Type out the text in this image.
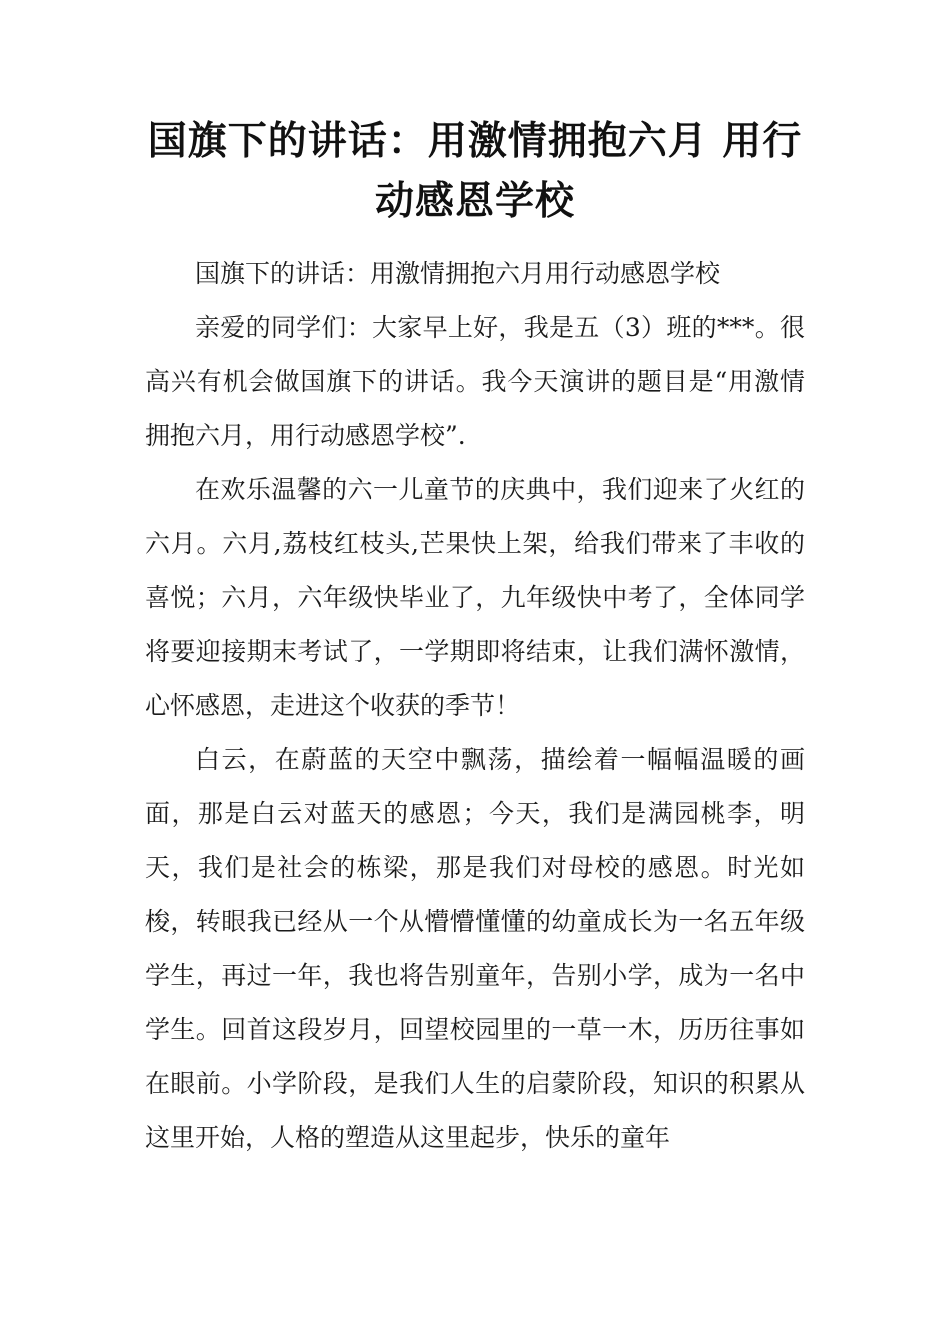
国旗下的讲话：用激情拥抱六月 用行动感恩学校

国旗下的讲话：用激情拥抱六月用行动感恩学校

亲爱的同学们：大家早上好，我是五（3）班的***。很高兴有机会做国旗下的讲话。我今天演讲的题目是“用激情拥抱六月，用行动感恩学校”.

在欢乐温馨的六一儿童节的庆典中，我们迎来了火红的六月。六月,荔枝红枝头,芒果快上架，给我们带来了丰收的喜悦；六月，六年级快毕业了，九年级快中考了，全体同学将要迎接期末考试了，一学期即将结束，让我们满怀激情，心怀感恩，走进这个收获的季节！

白云，在蔚蓝的天空中飘荡，描绘着一幅幅温暖的画面，那是白云对蓝天的感恩；今天，我们是满园桃李，明天，我们是社会的栋梁，那是我们对母校的感恩。时光如梭，转眼我已经从一个从懵懵懂懂的幼童成长为一名五年级学生，再过一年，我也将告别童年，告别小学，成为一名中学生。回首这段岁月，回望校园里的一草一木，历历往事如在眼前。小学阶段，是我们人生的启蒙阶段，知识的积累从这里开始，人格的塑造从这里起步，快乐的童年
